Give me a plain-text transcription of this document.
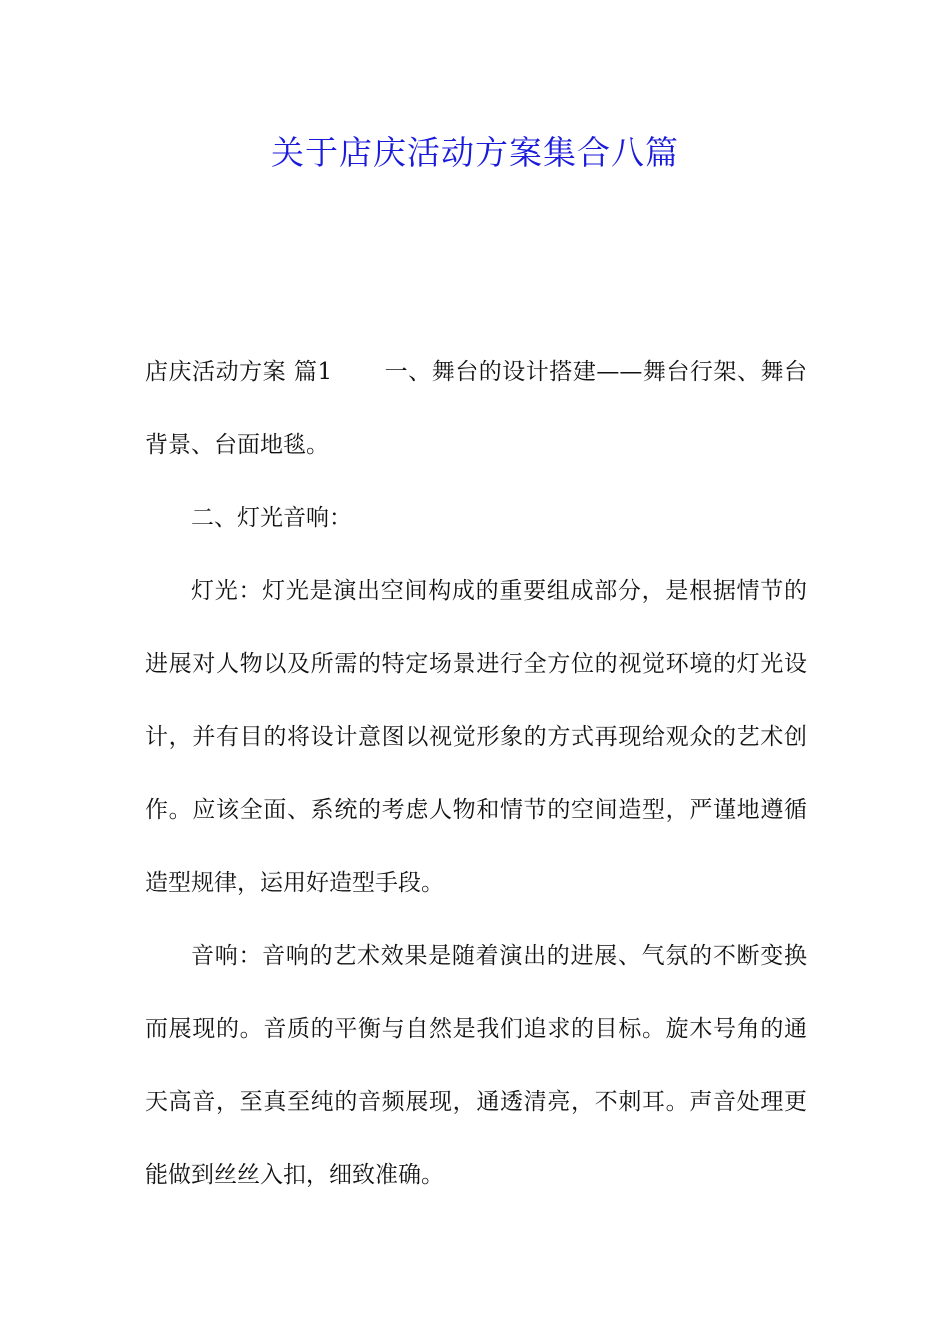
关于店庆活动方案集合八篇

店庆活动方案 篇1 一、舞台的设计搭建——舞台行架、舞台背景、台面地毯。

二、灯光音响：

灯光：灯光是演出空间构成的重要组成部分，是根据情节的进展对人物以及所需的特定场景进行全方位的视觉环境的灯光设计，并有目的将设计意图以视觉形象的方式再现给观众的艺术创作。应该全面、系统的考虑人物和情节的空间造型，严谨地遵循造型规律，运用好造型手段。

音响：音响的艺术效果是随着演出的进展、气氛的不断变换而展现的。音质的平衡与自然是我们追求的目标。旋木号角的通天高音，至真至纯的音频展现，通透清亮，不刺耳。声音处理更能做到丝丝入扣，细致准确。
